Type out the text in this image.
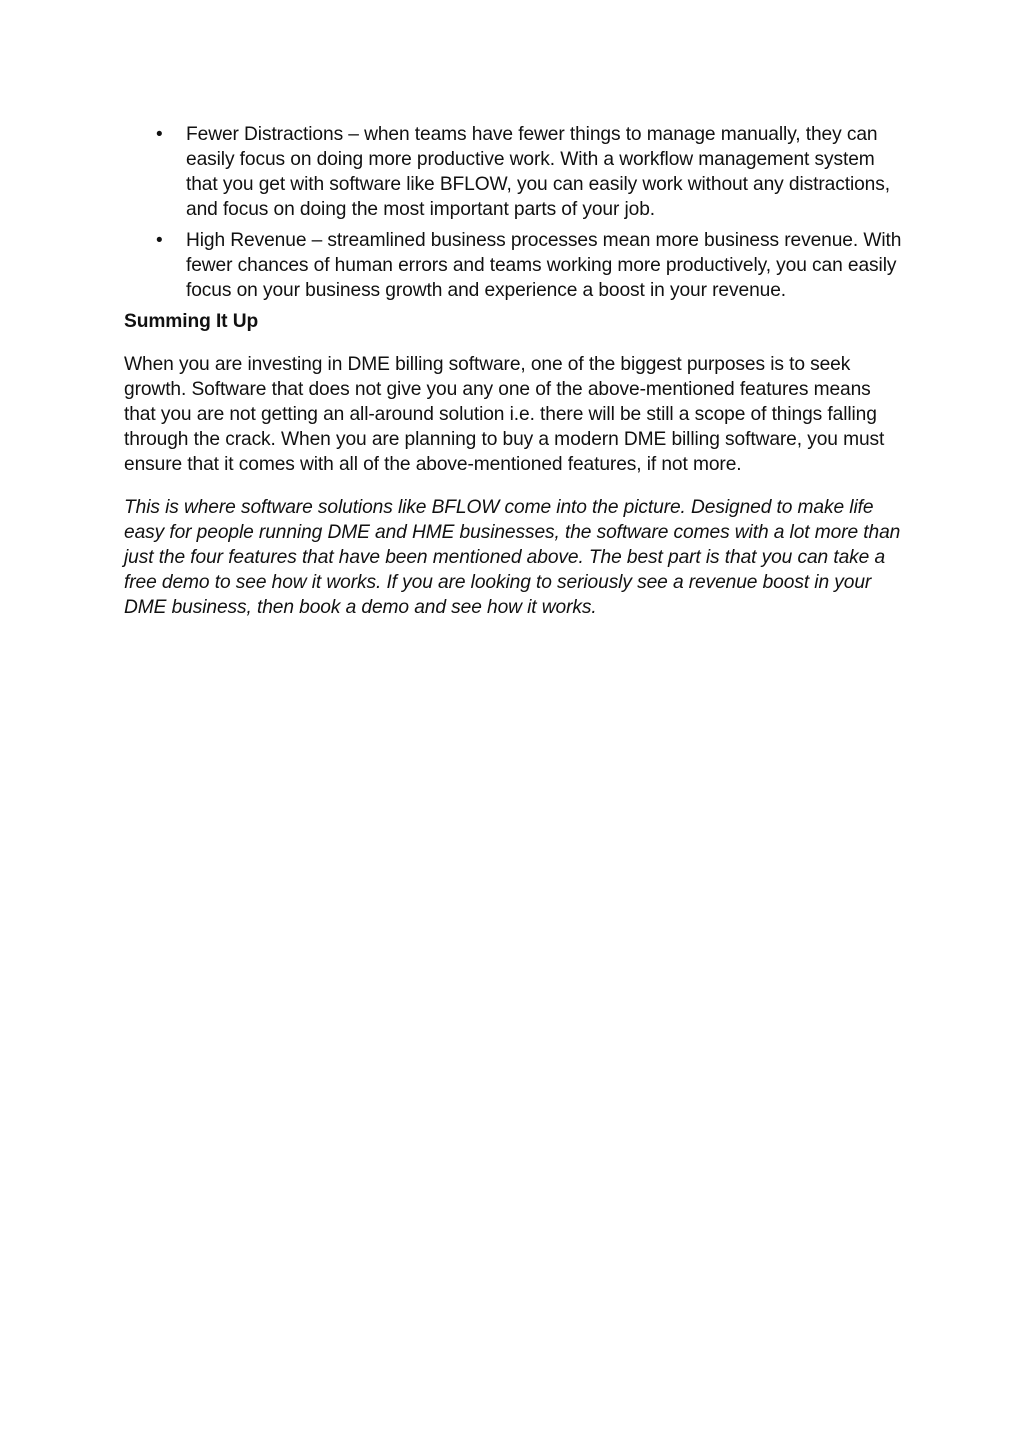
• Fewer Distractions – when teams have fewer things to manage manually, they can easily focus on doing more productive work. With a workflow management system that you get with software like BFLOW, you can easily work without any distractions, and focus on doing the most important parts of your job.
• High Revenue – streamlined business processes mean more business revenue. With fewer chances of human errors and teams working more productively, you can easily focus on your business growth and experience a boost in your revenue.
Summing It Up

When you are investing in DME billing software, one of the biggest purposes is to seek growth. Software that does not give you any one of the above-mentioned features means that you are not getting an all-around solution i.e. there will be still a scope of things falling through the crack. When you are planning to buy a modern DME billing software, you must ensure that it comes with all of the above-mentioned features, if not more.

This is where software solutions like BFLOW come into the picture. Designed to make life easy for people running DME and HME businesses, the software comes with a lot more than just the four features that have been mentioned above. The best part is that you can take a free demo to see how it works. If you are looking to seriously see a revenue boost in your DME business, then book a demo and see how it works.
